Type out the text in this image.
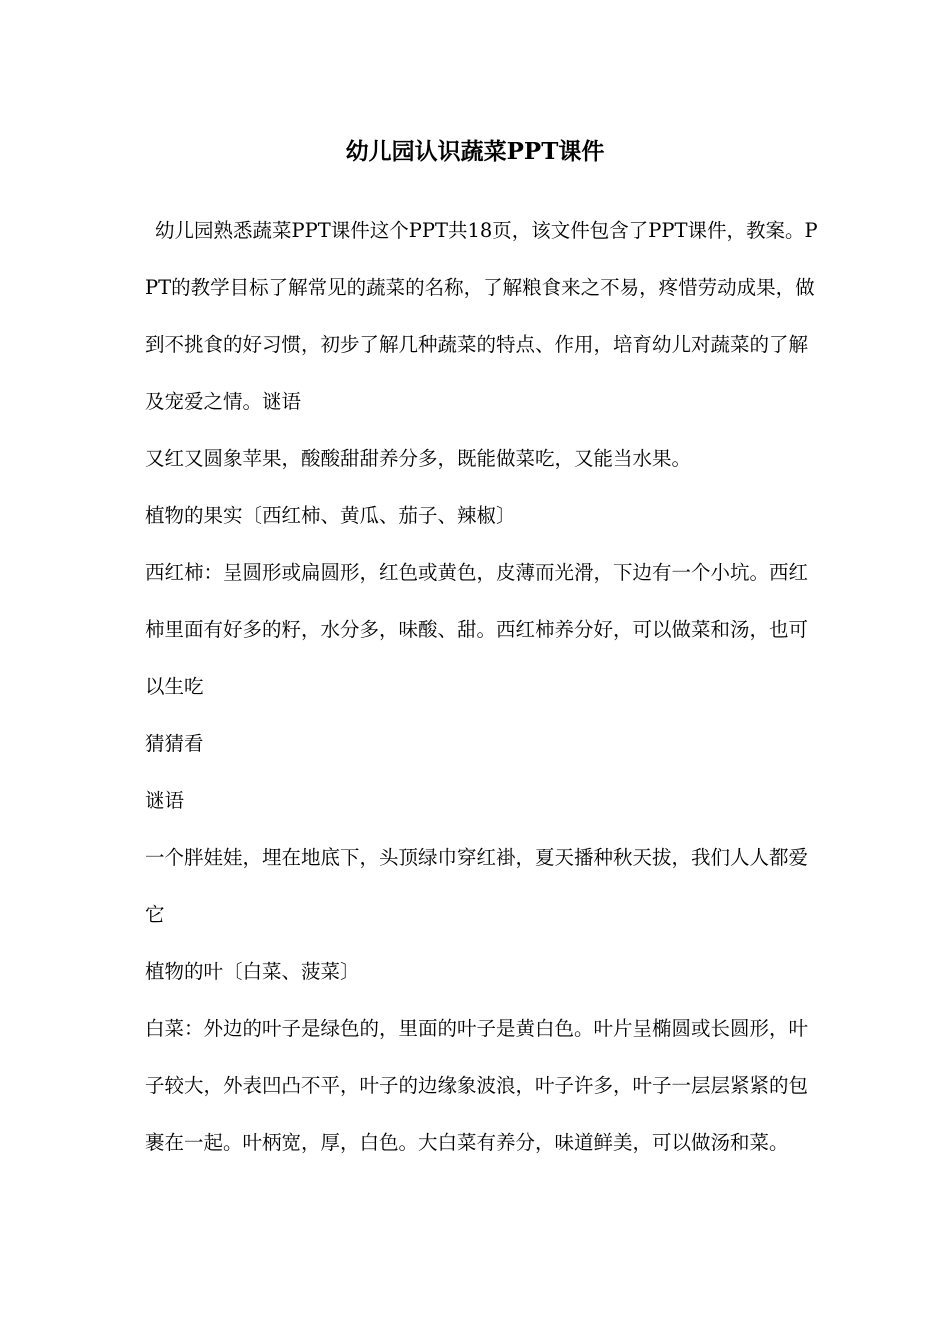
幼儿园认识蔬菜PPT课件

幼儿园熟悉蔬菜PPT课件这个PPT共18页，该文件包含了PPT课件，教案。PPT的教学目标了解常见的蔬菜的名称，了解粮食来之不易，疼惜劳动成果，做到不挑食的好习惯，初步了解几种蔬菜的特点、作用，培育幼儿对蔬菜的了解及宠爱之情。谜语

又红又圆象苹果，酸酸甜甜养分多，既能做菜吃，又能当水果。

植物的果实〔西红柿、黄瓜、茄子、辣椒〕

西红柿：呈圆形或扁圆形，红色或黄色，皮薄而光滑，下边有一个小坑。西红柿里面有好多的籽，水分多，味酸、甜。西红柿养分好，可以做菜和汤，也可以生吃

猜猜看

谜语

一个胖娃娃，埋在地底下，头顶绿巾穿红褂，夏天播种秋天拔，我们人人都爱它

植物的叶〔白菜、菠菜〕

白菜：外边的叶子是绿色的，里面的叶子是黄白色。叶片呈椭圆或长圆形，叶子较大，外表凹凸不平，叶子的边缘象波浪，叶子许多，叶子一层层紧紧的包裹在一起。叶柄宽，厚，白色。大白菜有养分，味道鲜美，可以做汤和菜。
